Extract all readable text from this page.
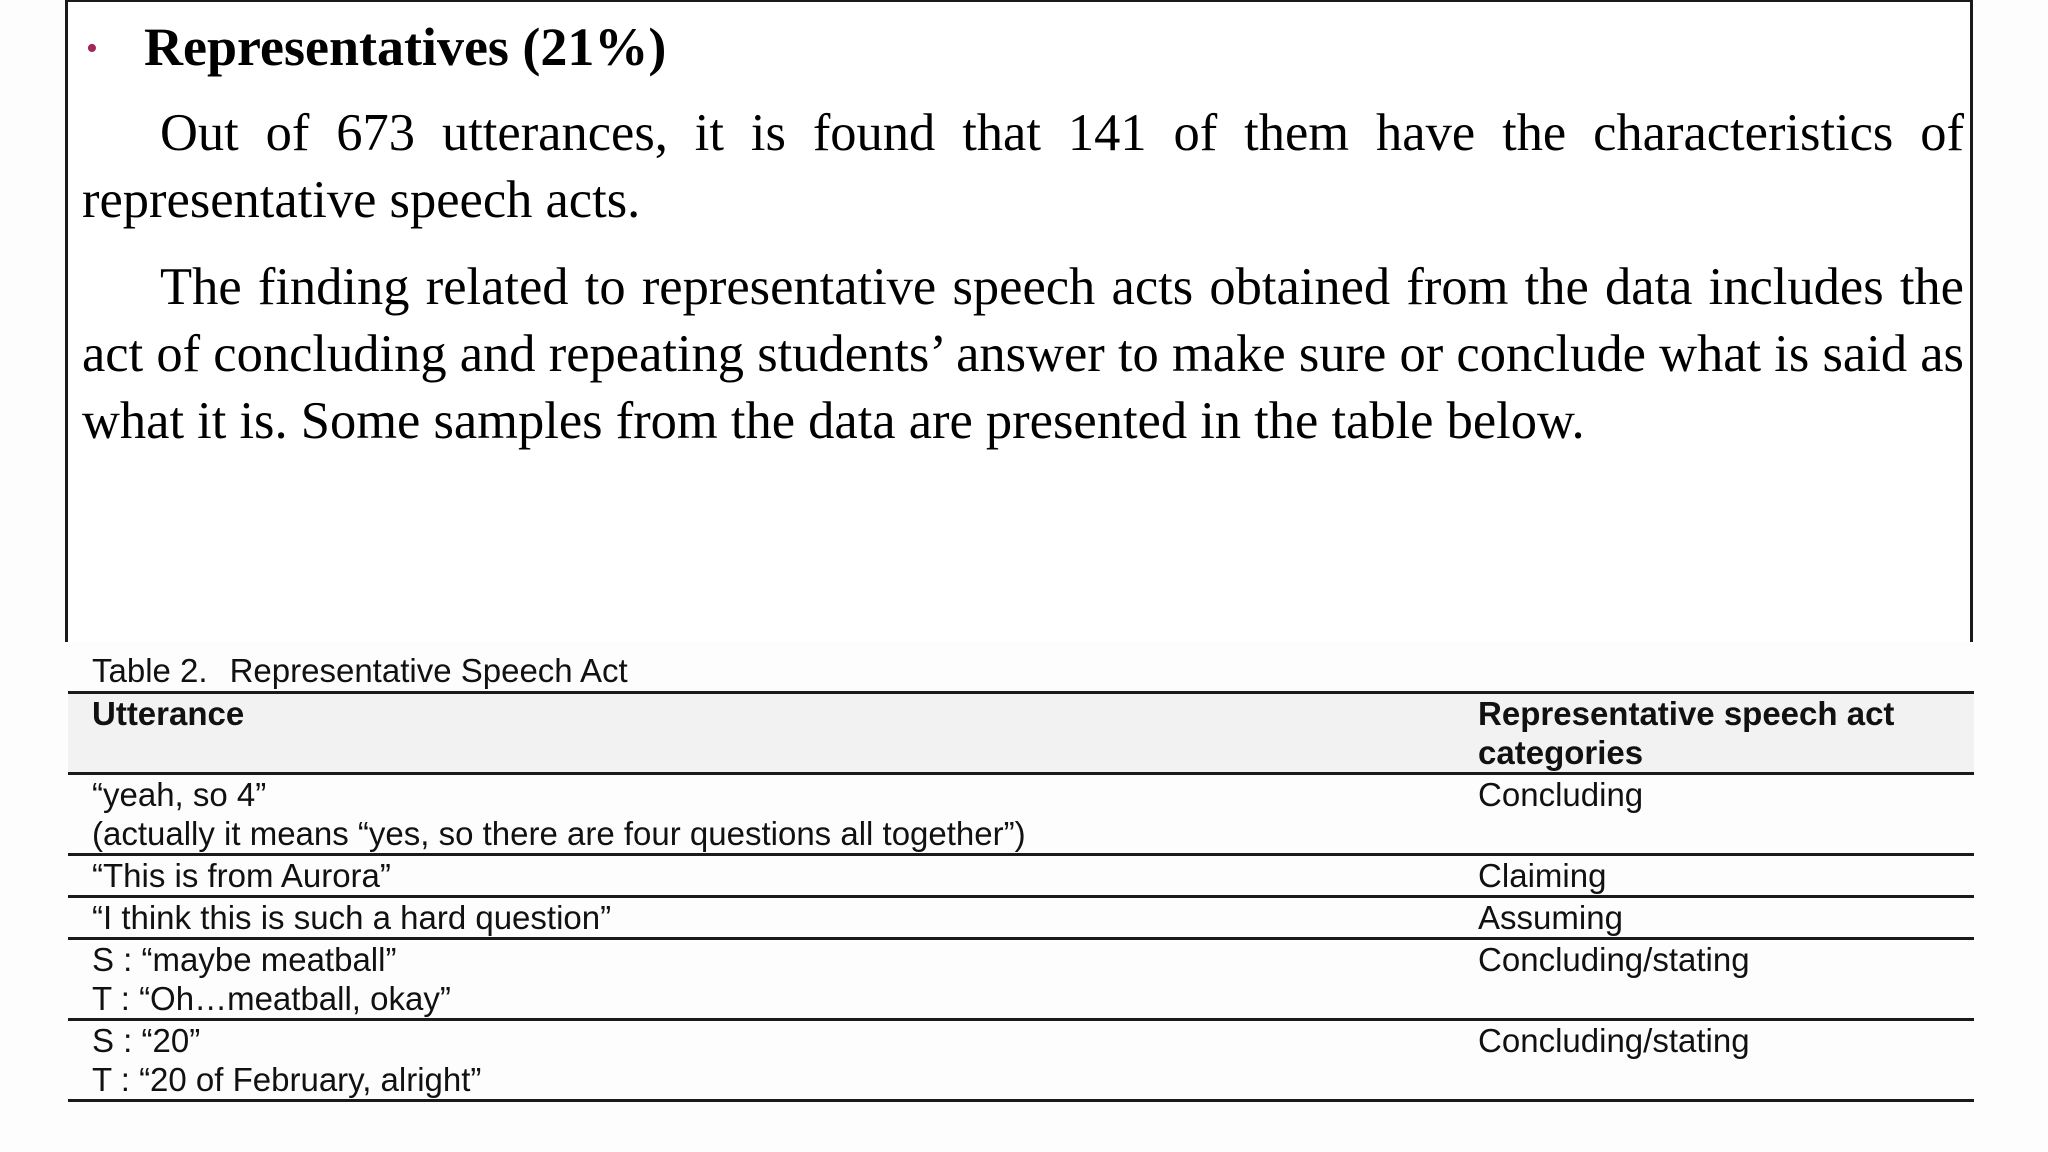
• Representatives (21%)

Out of 673 utterances, it is found that 141 of them have the characteristics of representative speech acts.

The finding related to representative speech acts obtained from the data includes the act of concluding and repeating students’ answer to make sure or conclude what is said as what it is. Some samples from the data are presented in the table below.

Table 2. Representative Speech Act
Utterance	Representative speech act categories

“yeah, so 4”
(actually it means “yes, so there are four questions all together”)	Concluding

“This is from Aurora”	Claiming

“I think this is such a hard question”	Assuming

S : “maybe meatball”
T : “Oh…meatball, okay”	Concluding/stating

S : “20”
T : “20 of February, alright”	Concluding/stating
